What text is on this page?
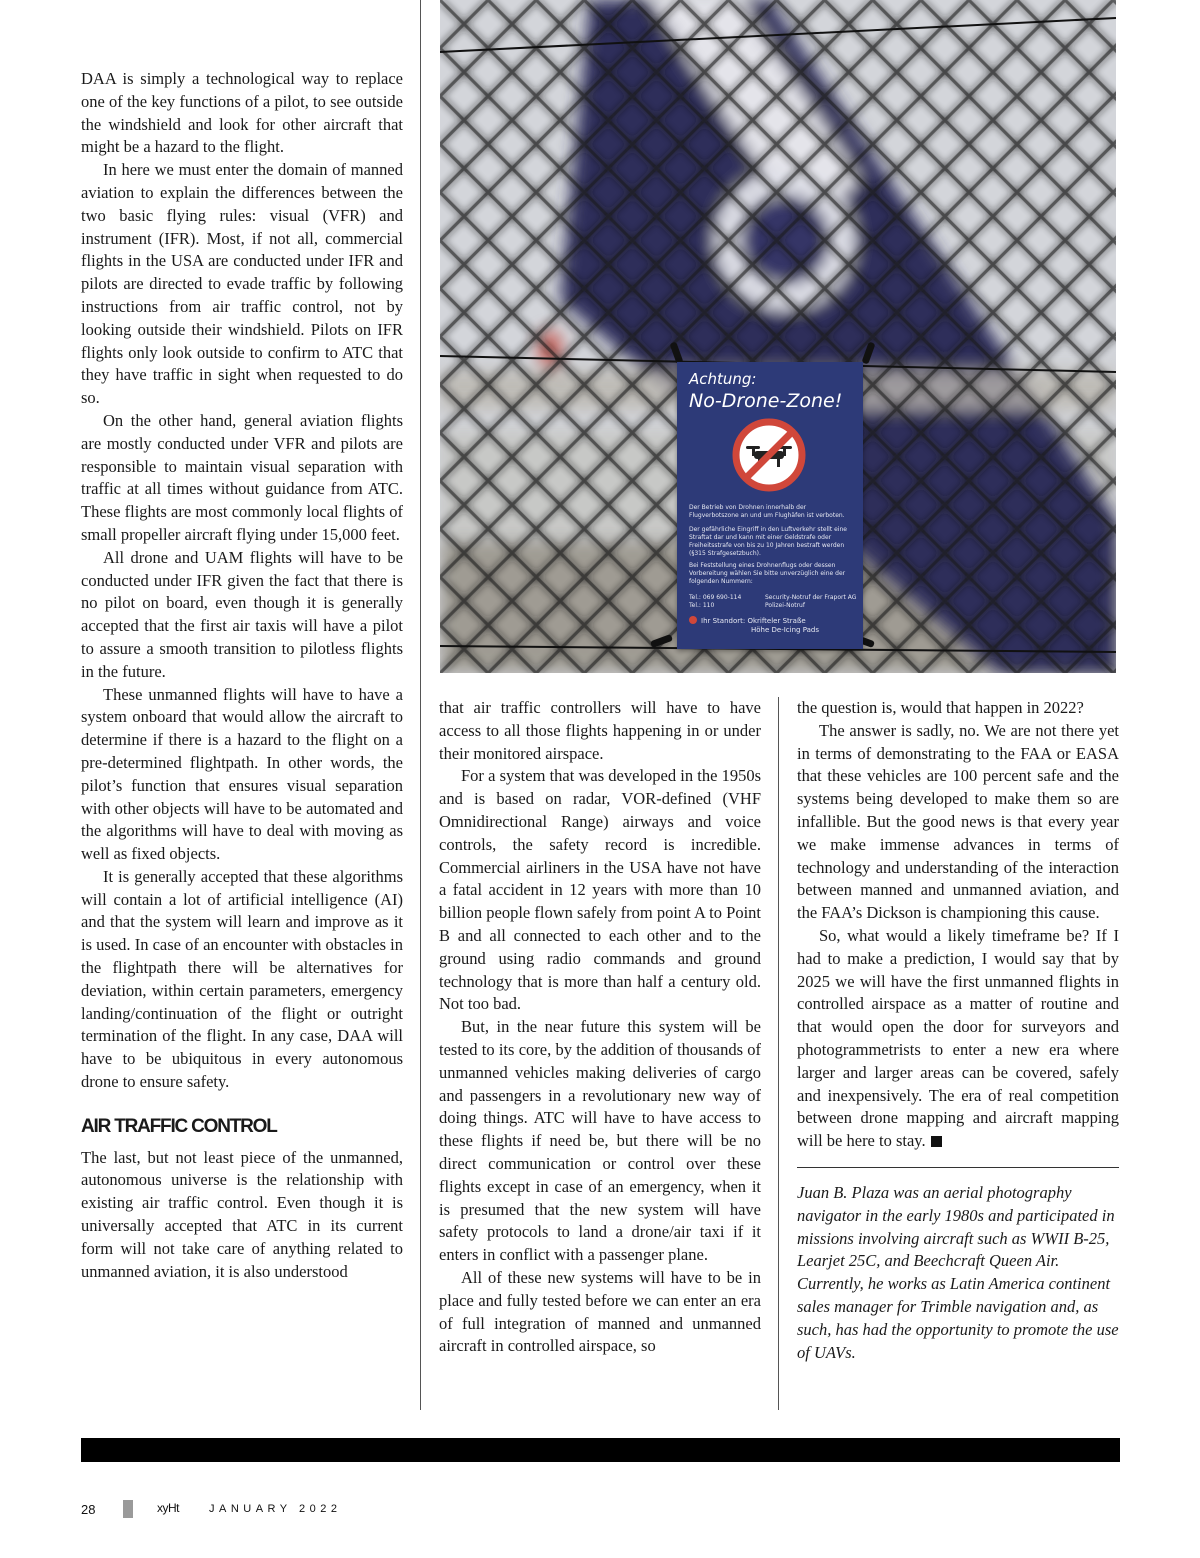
DAA is simply a technological way to replace one of the key functions of a pilot, to see outside the windshield and look for other aircraft that might be a hazard to the flight.

In here we must enter the domain of manned aviation to explain the differences between the two basic flying rules: visual (VFR) and instrument (IFR). Most, if not all, commercial flights in the USA are conducted under IFR and pilots are directed to evade traffic by following instructions from air traffic control, not by looking outside their windshield. Pilots on IFR flights only look outside to confirm to ATC that they have traffic in sight when requested to do so.

On the other hand, general aviation flights are mostly conducted under VFR and pilots are responsible to maintain visual separation with traffic at all times without guidance from ATC. These flights are most commonly local flights of small propeller aircraft flying under 15,000 feet.

All drone and UAM flights will have to be conducted under IFR given the fact that there is no pilot on board, even though it is generally accepted that the first air taxis will have a pilot to assure a smooth transition to pilotless flights in the future.

These unmanned flights will have to have a system onboard that would allow the aircraft to determine if there is a hazard to the flight on a pre-determined flightpath. In other words, the pilot’s function that ensures visual separation with other objects will have to be automated and the algorithms will have to deal with moving as well as fixed objects.

It is generally accepted that these algorithms will contain a lot of artificial intelligence (AI) and that the system will learn and improve as it is used. In case of an encounter with obstacles in the flightpath there will be alternatives for deviation, within certain parameters, emergency landing/continuation of the flight or outright termination of the flight. In any case, DAA will have to be ubiquitous in every autonomous drone to ensure safety.

AIR TRAFFIC CONTROL

The last, but not least piece of the unmanned, autonomous universe is the relationship with existing air traffic control. Even though it is universally accepted that ATC in its current form will not take care of anything related to unmanned aviation, it is also understood

Achtung:
No-Drone-Zone!
Der Betrieb von Drohnen innerhalb der Flugverbotszone an und um Flughäfen ist verboten.
Der gefährliche Eingriff in den Luftverkehr stellt eine Straftat dar und kann mit einer Geldstrafe oder Freiheitsstrafe von bis zu 10 Jahren bestraft werden (§315 Strafgesetzbuch).
Bei Feststellung eines Drohnenflugs oder dessen Vorbereitung wählen Sie bitte unverzüglich eine der folgenden Nummern:
Tel.: 069 690-114
Tel.: 110
Security-Notruf der Fraport AG
Polizei-Notruf
Ihr Standort: Okrifteler Straße
Höhe De-Icing Pads

that air traffic controllers will have to have access to all those flights happening in or under their monitored airspace.

For a system that was developed in the 1950s and is based on radar, VOR-defined (VHF Omnidirectional Range) airways and voice controls, the safety record is incredible. Commercial airliners in the USA have not have a fatal accident in 12 years with more than 10 billion people flown safely from point A to Point B and all connected to each other and to the ground using radio commands and ground technology that is more than half a century old. Not too bad.

But, in the near future this system will be tested to its core, by the addition of thousands of unmanned vehicles making deliveries of cargo and passengers in a revolutionary new way of doing things. ATC will have to have access to these flights if need be, but there will be no direct communication or control over these flights except in case of an emergency, when it is presumed that the new system will have safety protocols to land a drone/air taxi if it enters in conflict with a passenger plane.

All of these new systems will have to be in place and fully tested before we can enter an era of full integration of manned and unmanned aircraft in controlled airspace, so

the question is, would that happen in 2022?

The answer is sadly, no. We are not there yet in terms of demonstrating to the FAA or EASA that these vehicles are 100 percent safe and the systems being developed to make them so are infallible. But the good news is that every year we make immense advances in terms of technology and understanding of the interaction between manned and unmanned aviation, and the FAA’s Dickson is championing this cause.

So, what would a likely timeframe be? If I had to make a prediction, I would say that by 2025 we will have the first unmanned flights in controlled airspace as a matter of routine and that would open the door for surveyors and photogrammetrists to enter a new era where larger and larger areas can be covered, safely and inexpensively. The era of real competition between drone mapping and aircraft mapping will be here to stay.

Juan B. Plaza was an aerial photography navigator in the early 1980s and participated in missions involving aircraft such as WWII B-25, Learjet 25C, and Beechcraft Queen Air. Currently, he works as Latin America continent sales manager for Trimble navigation and, as such, has had the opportunity to promote the use of UAVs.

28	xyHt	JANUARY 2022
